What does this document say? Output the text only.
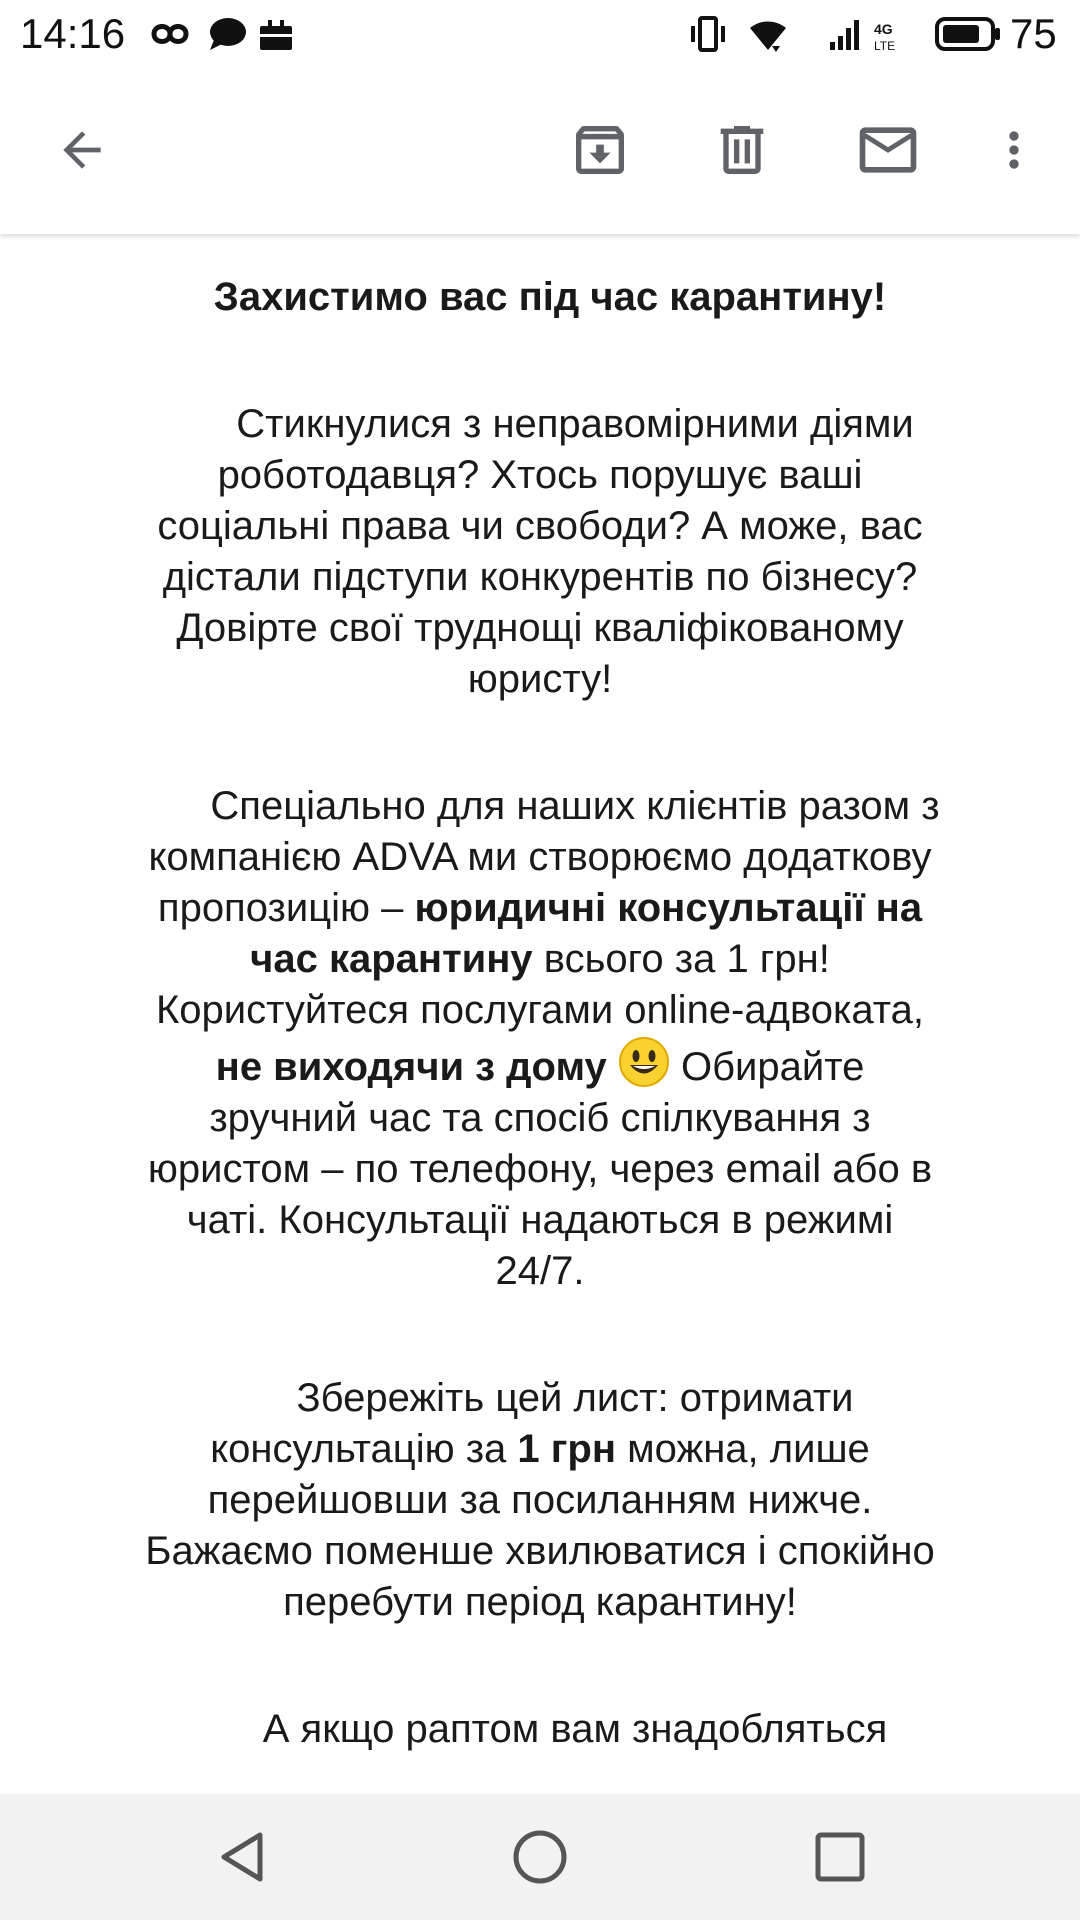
14:16	4G
LTE	75

Захистимо вас під час карантину!

Стикнулися з неправомірними діями роботодавця? Хтось порушує ваші соціальні права чи свободи? А може, вас дістали підступи конкурентів по бізнесу? Довірте свої труднощі кваліфікованому юристу!

Спеціально для наших клієнтів разом з компанією ADVA ми створюємо додаткову пропозицію – юридичні консультації на час карантину всього за 1 грн! Користуйтеся послугами online-адвоката, не виходячи з дому  Обирайте зручний час та спосіб спілкування з юристом – по телефону, через email або в чаті. Консультації надаються в режимі 24/7.

Збережіть цей лист: отримати консультацію за 1 грн можна, лише перейшовши за посиланням нижче. Бажаємо поменше хвилюватися і спокійно перебути період карантину!

А якщо раптом вам знадобляться
